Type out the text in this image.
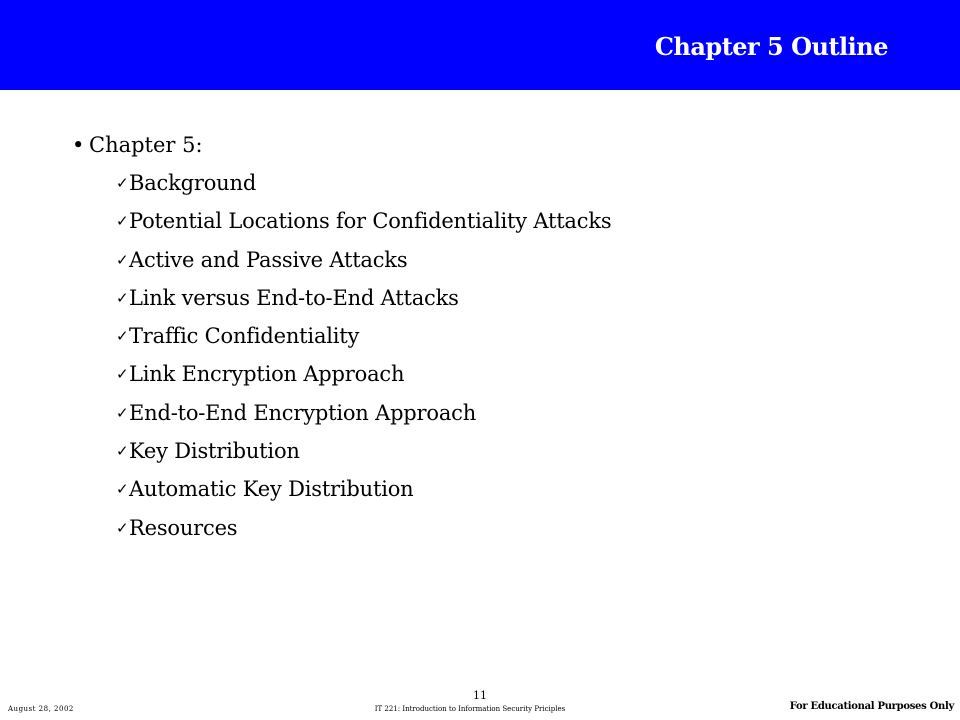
Chapter 5 Outline
• Chapter 5:
✓ Background
✓ Potential Locations for Confidentiality Attacks
✓ Active and Passive Attacks
✓ Link versus End-to-End Attacks
✓ Traffic Confidentiality
✓ Link Encryption Approach
✓ End-to-End Encryption Approach
✓ Key Distribution
✓ Automatic Key Distribution
✓ Resources
11
August 28, 2002	IT 221: Introduction to Information Security Priciples	For Educational Purposes Only
